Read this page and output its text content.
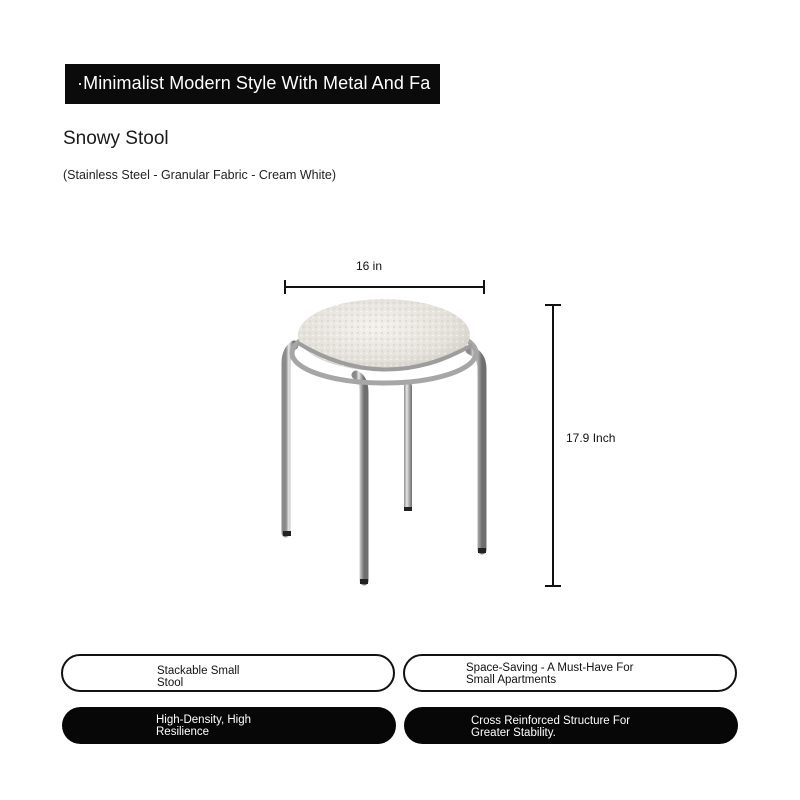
·Minimalist Modern Style With Metal And Fa
Snowy Stool
(Stainless Steel - Granular Fabric - Cream White)
16 in
17.9 Inch
Stackable Small
Stool
Space-Saving - A Must-Have For
Small Apartments
High-Density, High
Resilience
Cross Reinforced Structure For
Greater Stability.
